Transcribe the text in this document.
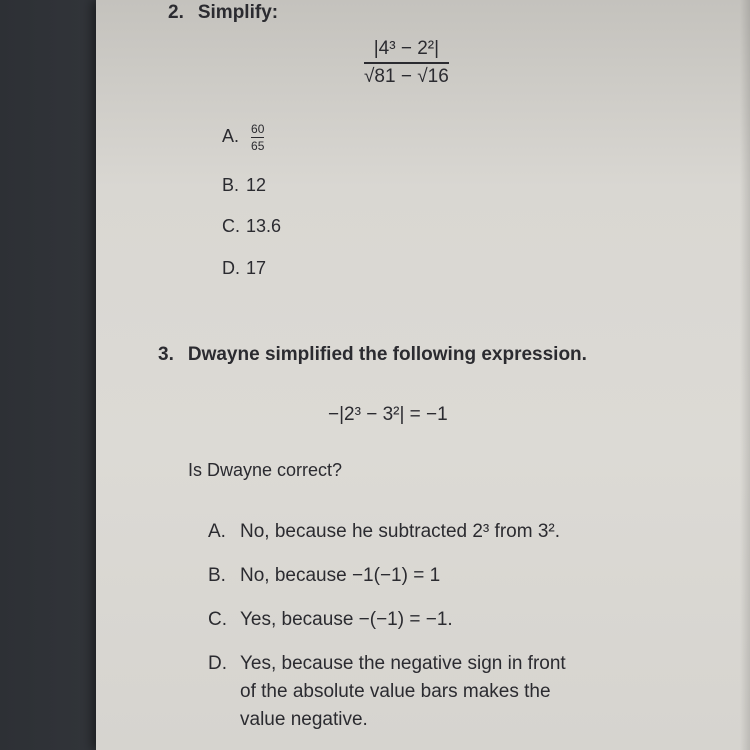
2. Simplify:
|4³ − 2²|
√81 − √16
A. $\frac{60}{65}$
B. 12
C. 13.6
D. 17
3. Dwayne simplified the following expression.
−|2³ − 3²| = −1
Is Dwayne correct?
A. No, because he subtracted 2³ from 3².
B. No, because −1(−1) = 1
C. Yes, because −(−1) = −1.
D. Yes, because the negative sign in front
of the absolute value bars makes the
value negative.
